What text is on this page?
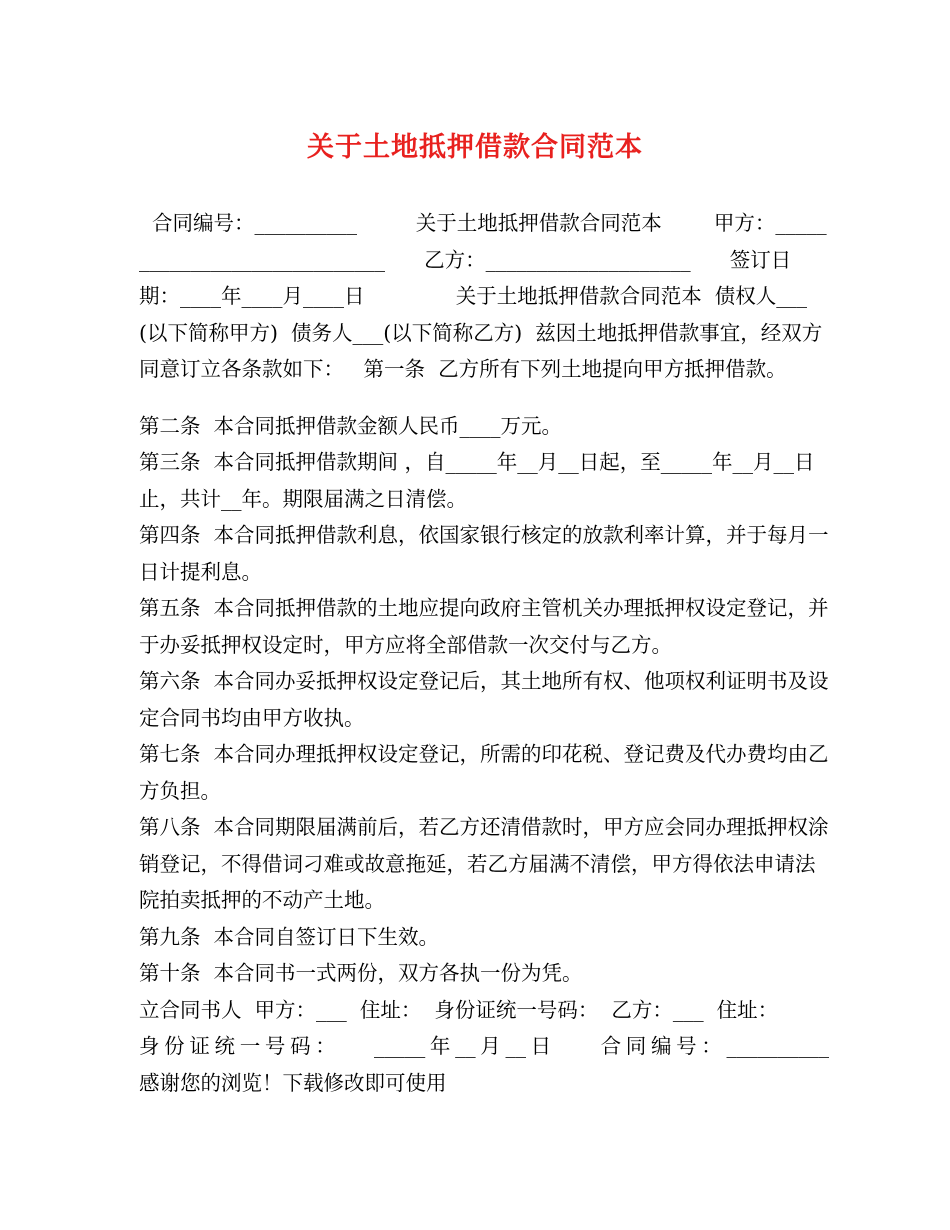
关于土地抵押借款合同范本

合同编号：__________         关于土地抵押借款合同范本        甲方：_____________________________      乙方：____________________      签订日期：____年____月____日              关于土地抵押借款合同范本  债权人___(以下简称甲方)  债务人___(以下简称乙方)  兹因土地抵押借款事宜，经双方同意订立各条款如下：   第一条  乙方所有下列土地提向甲方抵押借款。

第二条  本合同抵押借款金额人民币____万元。

第三条  本合同抵押借款期间 ，自_____年__月__日起，至_____年__月__日止，共计__年。期限届满之日清偿。

第四条  本合同抵押借款利息，依国家银行核定的放款利率计算，并于每月一日计提利息。

第五条  本合同抵押借款的土地应提向政府主管机关办理抵押权设定登记，并于办妥抵押权设定时，甲方应将全部借款一次交付与乙方。

第六条  本合同办妥抵押权设定登记后，其土地所有权、他项权利证明书及设定合同书均由甲方收执。

第七条  本合同办理抵押权设定登记，所需的印花税、登记费及代办费均由乙方负担。

第八条  本合同期限届满前后，若乙方还清借款时，甲方应会同办理抵押权涂销登记，不得借词刁难或故意拖延，若乙方届满不清偿，甲方得依法申请法院拍卖抵押的不动产土地。

第九条  本合同自签订日下生效。

第十条  本合同书一式两份，双方各执一份为凭。

立合同书人  甲方：___  住址：  身份证统一号码：  乙方：___  住址：

身份证统一号码：   _____年__月__日    合同编号：__________

感谢您的浏览！下载修改即可使用
